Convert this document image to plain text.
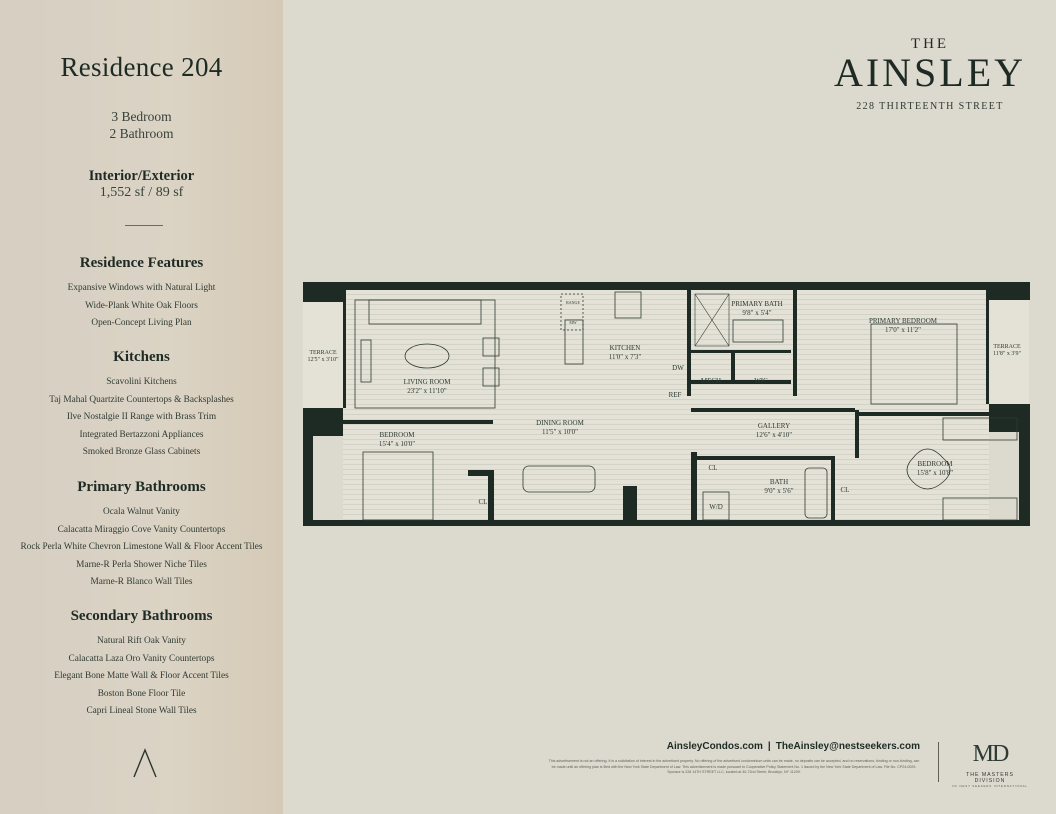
Residence 204
3 Bedroom
2 Bathroom
Interior/Exterior
1,552 sf / 89 sf
Residence Features
Expansive Windows with Natural Light
Wide-Plank White Oak Floors
Open-Concept Living Plan
Kitchens
Scavolini Kitchens
Taj Mahal Quartzite Countertops & Backsplashes
Ilve Nostalgie II Range with Brass Trim
Integrated Bertazzoni Appliances
Smoked Bronze Glass Cabinets
Primary Bathrooms
Ocala Walnut Vanity
Calacatta Miraggio Cove Vanity Countertops
Rock Perla White Chevron Limestone Wall & Floor Accent Tiles
Marne-R Perla Shower Niche Tiles
Marne-R Blanco Wall Tiles
Secondary Bathrooms
Natural Rift Oak Vanity
Calacatta Laza Oro Vanity Countertops
Elegant Bone Matte Wall & Floor Accent Tiles
Boston Bone Floor Tile
Capri Lineal Stone Wall Tiles
THE
AINSLEY
228 THIRTEENTH STREET
TERRACE
12'5" x 3'10"
LIVING ROOM
23'2" x 11'10"
KITCHEN
11'0" x 7'3"
PRIMARY BATH
9'8" x 5'4"
PRIMARY BEDROOM
17'0" x 11'2"
TERRACE
11'8" x 3'9"
BEDROOM
15'4" x 10'0"
DINING ROOM
11'5" x 10'0"
GALLERY
12'6" x 4'10"
BATH
9'0" x 5'6"
BEDROOM
15'8" x 10'8"
DW
REF
MECH	WIC
CL
CL
CL
W/D
RANGE
MW
AinsleyCondos.com | TheAinsley@nestseekers.com
This advertisement is not an offering. It is a solicitation of interest in the advertised property. No offering of the advertised condominium units can be made, no deposits can be accepted, and no reservations, binding or non-binding, can be made until an offering plan is filed with the New York State Department of Law. This advertisement is made pursuant to Cooperative Policy Statement No. 1 issued by the New York State Department of Law. File No. CP24-0029. Sponsor is 228 14TH STREET LLC, located at 40-72nd Street, Brooklyn, NY 11209.
MD
THE MASTERS DIVISION
OF NEST SEEKERS INTERNATIONAL
